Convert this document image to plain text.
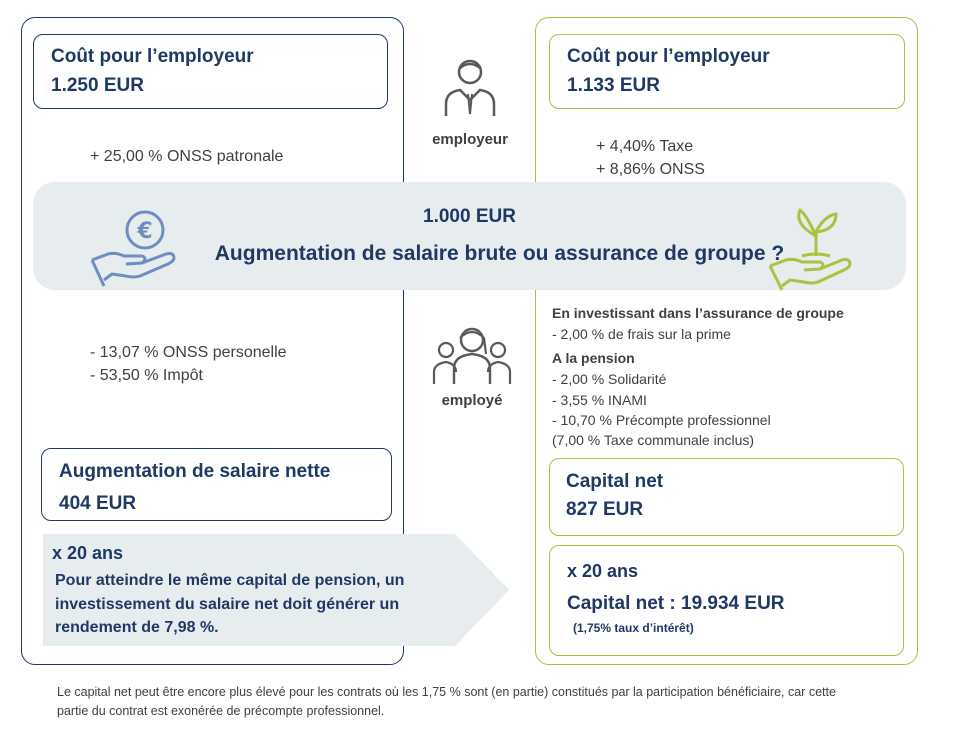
Coût pour l’employeur
1.250 EUR
+ 25,00 % ONSS patronale
Coût pour l’employeur
1.133 EUR
+ 4,40% Taxe
+ 8,86% ONSS
employeur
1.000 EUR
Augmentation de salaire brute ou assurance de groupe ?
€
- 13,07 % ONSS personelle
- 53,50 % Impôt
employé
En investissant dans l’assurance de groupe
- 2,00 % de frais sur la prime
A la pension
- 2,00 % Solidarité
- 3,55 % INAMI
- 10,70 % Précompte professionnel
(7,00 % Taxe communale inclus)
Augmentation de salaire nette
404 EUR
Capital net
827 EUR
x 20 ans
Pour atteindre le même capital de pension, un
investissement du salaire net doit générer un
rendement de 7,98 %.
x 20 ans
Capital net : 19.934 EUR
(1,75% taux d’intérêt)
Le capital net peut être encore plus élevé pour les contrats où les 1,75 % sont (en partie) constitués par la participation bénéficiaire, car cette
partie du contrat est exonérée de précompte professionnel.
